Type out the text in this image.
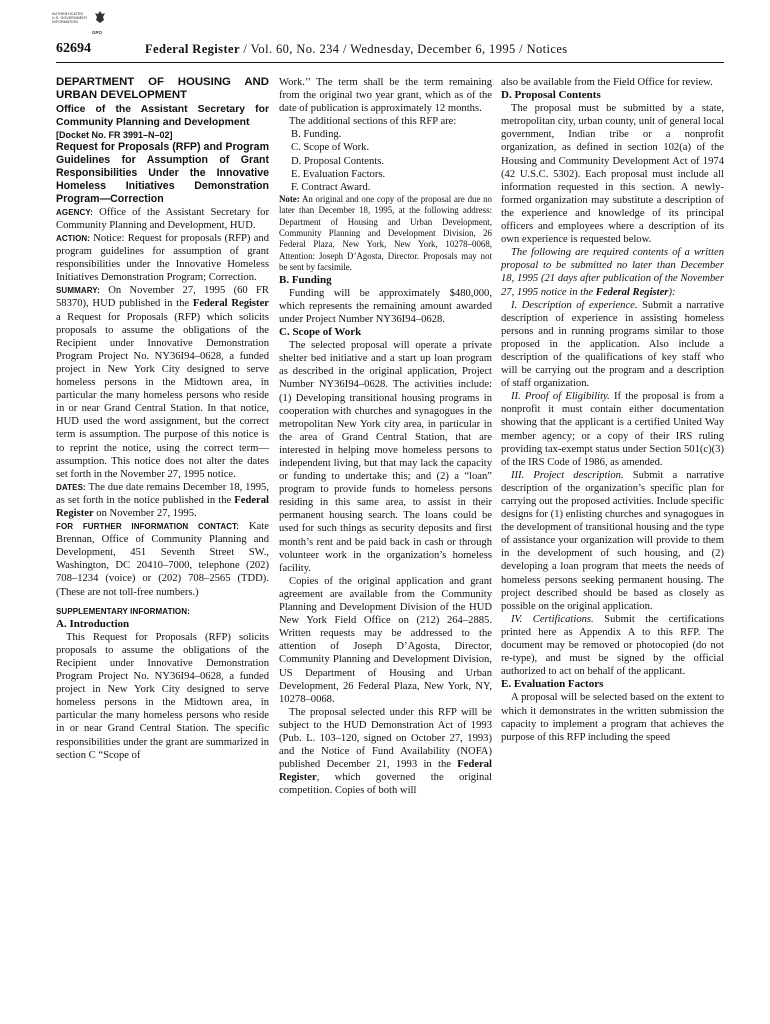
AUTHENTICATED
U.S. GOVERNMENT
INFORMATION
GPO
62694	Federal Register / Vol. 60, No. 234 / Wednesday, December 6, 1995 / Notices

DEPARTMENT OF HOUSING AND URBAN DEVELOPMENT

Office of the Assistant Secretary for Community Planning and Development

[Docket No. FR 3991–N–02]

Request for Proposals (RFP) and Program Guidelines for Assumption of Grant Responsibilities Under the Innovative Homeless Initiatives Demonstration Program—Correction

AGENCY: Office of the Assistant Secretary for Community Planning and Development, HUD.

ACTION: Notice: Request for proposals (RFP) and program guidelines for assumption of grant responsibilities under the Innovative Homeless Initiatives Demonstration Program; Correction.

SUMMARY: On November 27, 1995 (60 FR 58370), HUD published in the Federal Register a Request for Proposals (RFP) which solicits proposals to assume the obligations of the Recipient under Innovative Demonstration Program Project No. NY36I94–0628, a funded project in New York City designed to serve homeless persons in the Midtown area, in particular the many homeless persons who reside in or near Grand Central Station. In that notice, HUD used the word assignment, but the correct term is assumption. The purpose of this notice is to reprint the notice, using the correct term—assumption. This notice does not alter the dates set forth in the November 27, 1995 notice.

DATES: The due date remains December 18, 1995, as set forth in the notice published in the Federal Register on November 27, 1995.

FOR FURTHER INFORMATION CONTACT: Kate Brennan, Office of Community Planning and Development, 451 Seventh Street SW., Washington, DC 20410–7000, telephone (202) 708–1234 (voice) or (202) 708–2565 (TDD). (These are not toll-free numbers.)

SUPPLEMENTARY INFORMATION:

A. Introduction

This Request for Proposals (RFP) solicits proposals to assume the obligations of the Recipient under Innovative Demonstration Program Project No. NY36I94–0628, a funded project in New York City designed to serve homeless persons in the Midtown area, in particular the many homeless persons who reside in or near Grand Central Station. The specific responsibilities under the grant are summarized in section C “Scope of

Work.’’ The term shall be the term remaining from the original two year grant, which as of the date of publication is approximately 12 months.

The additional sections of this RFP are:

B. Funding.
C. Scope of Work.
D. Proposal Contents.
E. Evaluation Factors.
F. Contract Award.

Note: An original and one copy of the proposal are due no later than December 18, 1995, at the following address: Department of Housing and Urban Development, Community Planning and Development Division, 26 Federal Plaza, New York, New York, 10278–0068, Attention: Joseph D’Agosta, Director. Proposals may not be sent by facsimile.

B. Funding

Funding will be approximately $480,000, which represents the remaining amount awarded under Project Number NY36I94–0628.

C. Scope of Work

The selected proposal will operate a private shelter bed initiative and a start up loan program as described in the original application, Project Number NY36I94–0628. The activities include: (1) Developing transitional housing programs in cooperation with churches and synagogues in the metropolitan New York city area, in particular in the area of Grand Central Station, that are interested in helping move homeless persons to independent living, but that may lack the capacity or funding to undertake this; and (2) a “loan” program to provide funds to homeless persons residing in this same area, to assist in their permanent housing search. The loans could be used for such things as security deposits and first month’s rent and be paid back in cash or through volunteer work in the organization’s homeless facility.

Copies of the original application and grant agreement are available from the Community Planning and Development Division of the HUD New York Field Office on (212) 264–2885. Written requests may be addressed to the attention of Joseph D’Agosta, Director, Community Planning and Development Division, US Department of Housing and Urban Development, 26 Federal Plaza, New York, NY, 10278–0068.

The proposal selected under this RFP will be subject to the HUD Demonstration Act of 1993 (Pub. L. 103–120, signed on October 27, 1993) and the Notice of Fund Availability (NOFA) published December 21, 1993 in the Federal Register, which governed the original competition. Copies of both will

also be available from the Field Office for review.

D. Proposal Contents

The proposal must be submitted by a state, metropolitan city, urban county, unit of general local government, Indian tribe or a nonprofit organization, as defined in section 102(a) of the Housing and Community Development Act of 1974 (42 U.S.C. 5302). Each proposal must include all information requested in this section. A newly-formed organization may substitute a description of the experience and knowledge of its principal officers and employees where a description of its own experience is requested below.

The following are required contents of a written proposal to be submitted no later than December 18, 1995 (21 days after publication of the November 27, 1995 notice in the Federal Register):

I. Description of experience. Submit a narrative description of experience in assisting homeless persons and in running programs similar to those proposed in the application. Also include a description of the qualifications of key staff who will be carrying out the program and a description of staff organization.

II. Proof of Eligibility. If the proposal is from a nonprofit it must contain either documentation showing that the applicant is a certified United Way member agency; or a copy of their IRS ruling providing tax-exempt status under Section 501(c)(3) of the IRS Code of 1986, as amended.

III. Project description. Submit a narrative description of the organization’s specific plan for carrying out the proposed activities. Include specific designs for (1) enlisting churches and synagogues in the development of transitional housing and the type of assistance your organization will provide to them in the development of such housing, and (2) developing a loan program that meets the needs of homeless persons seeking permanent housing. The project described should be based as closely as possible on the original application.

IV. Certifications. Submit the certifications printed here as Appendix A to this RFP. The document may be removed or photocopied (do not re-type), and must be signed by the official authorized to act on behalf of the applicant.

E. Evaluation Factors

A proposal will be selected based on the extent to which it demonstrates in the written submission the capacity to implement a program that achieves the purpose of this RFP including the speed
